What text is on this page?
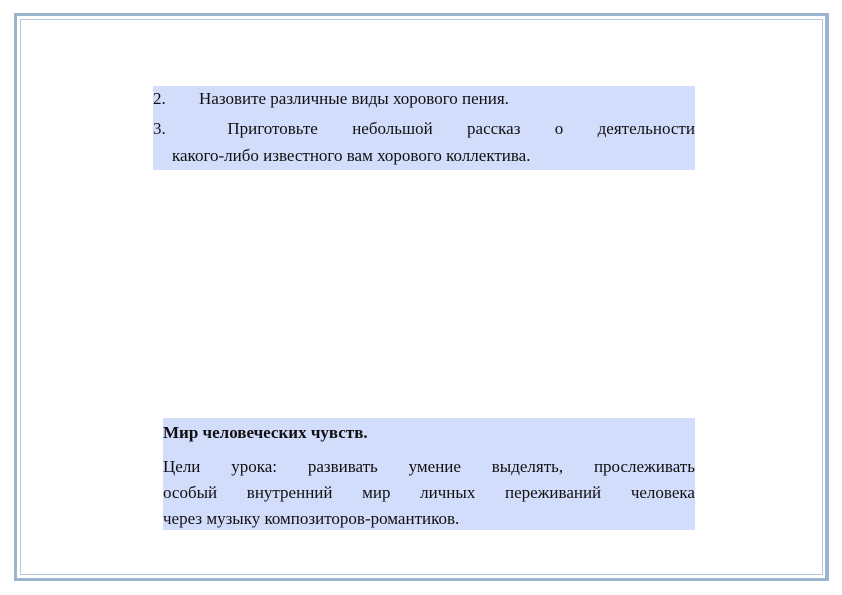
2. Назовите различные виды хорового пения.
3.	Приготовьте небольшой рассказ о деятельности
какого-либо известного вам хорового коллектива.
Мир человеческих чувств.
Цели урока: развивать умение выделять, прослеживать
особый внутренний мир личных переживаний человека
через музыку композиторов-романтиков.
